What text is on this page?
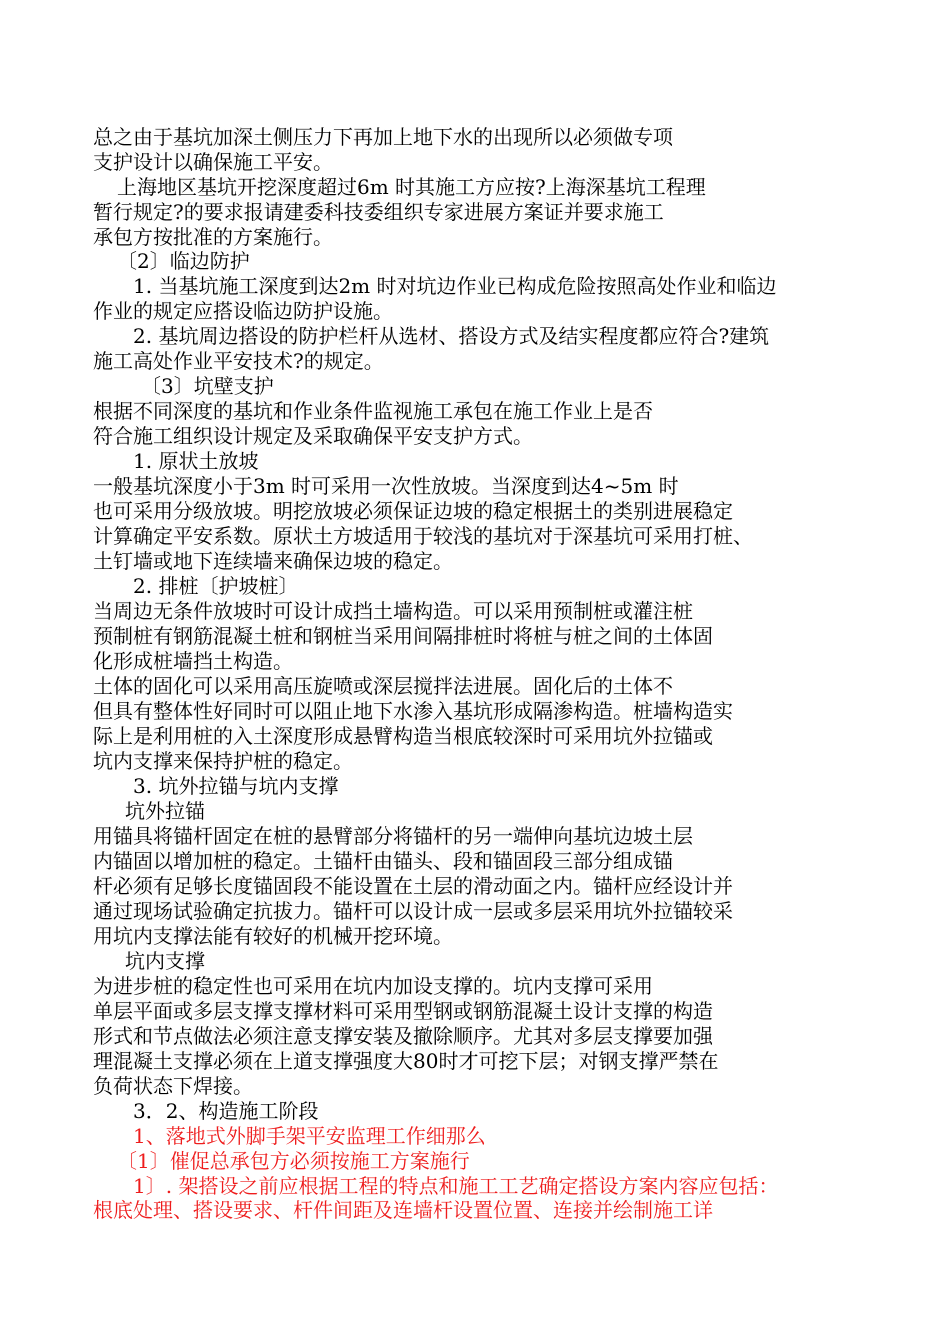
总之由于基坑加深土侧压力下再加上地下水的出现所以必须做专项
支护设计以确保施工平安。
上海地区基坑开挖深度超过6m 时其施工方应按?上海深基坑工程理
暂行规定?的要求报请建委科技委组织专家进展方案证并要求施工
承包方按批准的方案施行。
〔2〕临边防护
1. 当基坑施工深度到达2m 时对坑边作业已构成危险按照高处作业和临边
作业的规定应搭设临边防护设施。
2. 基坑周边搭设的防护栏杆从选材、搭设方式及结实程度都应符合?建筑
施工高处作业平安技术?的规定。
〔3〕坑壁支护
根据不同深度的基坑和作业条件监视施工承包在施工作业上是否
符合施工组织设计规定及采取确保平安支护方式。
1. 原状土放坡
一般基坑深度小于3m 时可采用一次性放坡。当深度到达4~5m 时
也可采用分级放坡。明挖放坡必须保证边坡的稳定根据土的类别进展稳定
计算确定平安系数。原状土方坡适用于较浅的基坑对于深基坑可采用打桩、
土钉墙或地下连续墙来确保边坡的稳定。
2. 排桩〔护坡桩〕
当周边无条件放坡时可设计成挡土墙构造。可以采用预制桩或灌注桩
预制桩有钢筋混凝土桩和钢桩当采用间隔排桩时将桩与桩之间的土体固
化形成桩墙挡土构造。
土体的固化可以采用高压旋喷或深层搅拌法进展。固化后的土体不
但具有整体性好同时可以阻止地下水渗入基坑形成隔渗构造。桩墙构造实
际上是利用桩的入土深度形成悬臂构造当根底较深时可采用坑外拉锚或
坑内支撑来保持护桩的稳定。
3. 坑外拉锚与坑内支撑
坑外拉锚
用锚具将锚杆固定在桩的悬臂部分将锚杆的另一端伸向基坑边坡土层
内锚固以增加桩的稳定。土锚杆由锚头、段和锚固段三部分组成锚
杆必须有足够长度锚固段不能设置在土层的滑动面之内。锚杆应经设计并
通过现场试验确定抗拔力。锚杆可以设计成一层或多层采用坑外拉锚较采
用坑内支撑法能有较好的机械开挖环境。
坑内支撑
为进步桩的稳定性也可采用在坑内加设支撑的。坑内支撑可采用
单层平面或多层支撑支撑材料可采用型钢或钢筋混凝土设计支撑的构造
形式和节点做法必须注意支撑安装及撤除顺序。尤其对多层支撑要加强
理混凝土支撑必须在上道支撑强度大80时才可挖下层；对钢支撑严禁在
负荷状态下焊接。
3．2、构造施工阶段
1、落地式外脚手架平安监理工作细那么
〔1〕催促总承包方必须按施工方案施行
1〕. 架搭设之前应根据工程的特点和施工工艺确定搭设方案内容应包括：
根底处理、搭设要求、杆件间距及连墙杆设置位置、连接并绘制施工详
